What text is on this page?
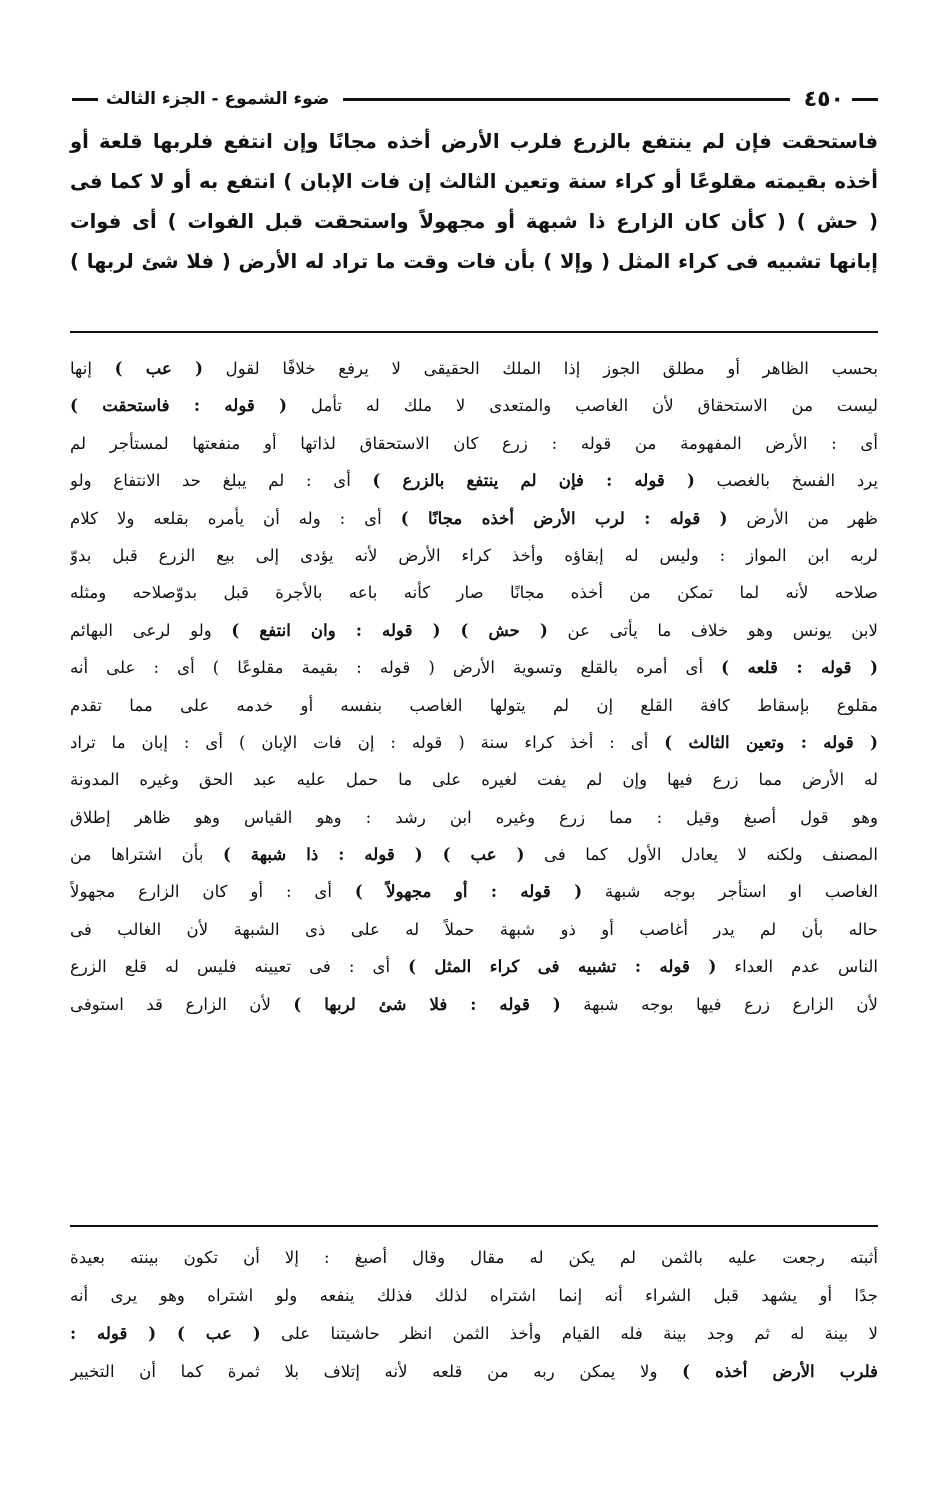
٤٥٠
ضوء الشموع - الجزء الثالث
فاستحقت فإن لم ينتفع بالزرع فلرب الأرض أخذه مجانًا وإن انتفع فلربها قلعة أو
أخذه بقيمته مقلوعًا أو كراء سنة وتعين الثالث إن فات الإبان ) انتفع به أو لا كما فى
( حش ) ( كأن كان الزارع ذا شبهة أو مجهولاً واستحقت قبل الفوات ) أى فوات
إبانها تشبيه فى كراء المثل ( وإلا ) بأن فات وقت ما تراد له الأرض ( فلا شئ لربها )
بحسب الظاهر أو مطلق الجوز إذا الملك الحقيقى لا يرفع خلافًا لقول ( عب ) إنها
ليست من الاستحقاق لأن الغاصب والمتعدى لا ملك له تأمل ( قوله : فاستحقت )
أى : الأرض المفهومة من قوله : زرع كان الاستحقاق لذاتها أو منفعتها لمستأجر لم
يرد الفسخ بالغصب ( قوله : فإن لم ينتفع بالزرع ) أى : لم يبلغ حد الانتفاع ولو
ظهر من الأرض ( قوله : لرب الأرض أخذه مجانًا ) أى : وله أن يأمره بقلعه ولا كلام
لربه ابن المواز : وليس له إبقاؤه وأخذ كراء الأرض لأنه يؤدى إلى بيع الزرع قبل بدوّ
صلاحه لأنه لما تمكن من أخذه مجانًا صار كأنه باعه بالأجرة قبل بدوّصلاحه ومثله
لابن يونس وهو خلاف ما يأتى عن ( حش ) ( قوله : وان انتفع ) ولو لرعى البهائم
( قوله : قلعه ) أى أمره بالقلع وتسوية الأرض ( قوله : بقيمة مقلوعًا ) أى : على أنه
مقلوع بإسقاط كافة القلع إن لم يتولها الغاصب بنفسه أو خدمه على مما تقدم
( قوله : وتعين الثالث ) أى : أخذ كراء سنة ( قوله : إن فات الإبان ) أى : إبان ما تراد
له الأرض مما زرع فيها وإن لم يفت لغيره على ما حمل عليه عبد الحق وغيره المدونة
وهو قول أصبغ وقيل : مما زرع وغيره ابن رشد : وهو القياس وهو ظاهر إطلاق
المصنف ولكنه لا يعادل الأول كما فى ( عب ) ( قوله : ذا شبهة ) بأن اشتراها من
الغاصب او استأجر بوجه شبهة ( قوله : أو مجهولاً ) أى : أو كان الزارع مجهولاً
حاله بأن لم يدر أغاصب أو ذو شبهة حملاً له على ذى الشبهة لأن الغالب فى
الناس عدم العداء ( قوله : تشبيه فى كراء المثل ) أى : فى تعيينه فليس له قلع الزرع
لأن الزارع زرع فيها بوجه شبهة ( قوله : فلا شئ لربها ) لأن الزارع قد استوفى
أثبته رجعت عليه بالثمن لم يكن له مقال وقال أصبغ : إلا أن تكون بينته بعيدة
جدًا أو يشهد قبل الشراء أنه إنما اشتراه لذلك فذلك ينفعه ولو اشتراه وهو يرى أنه
لا بينة له ثم وجد بينة فله القيام وأخذ الثمن انظر حاشيتنا على ( عب ) ( قوله :
فلرب الأرض أخذه ) ولا يمكن ربه من قلعه لأنه إتلاف بلا ثمرة كما أن التخيير
